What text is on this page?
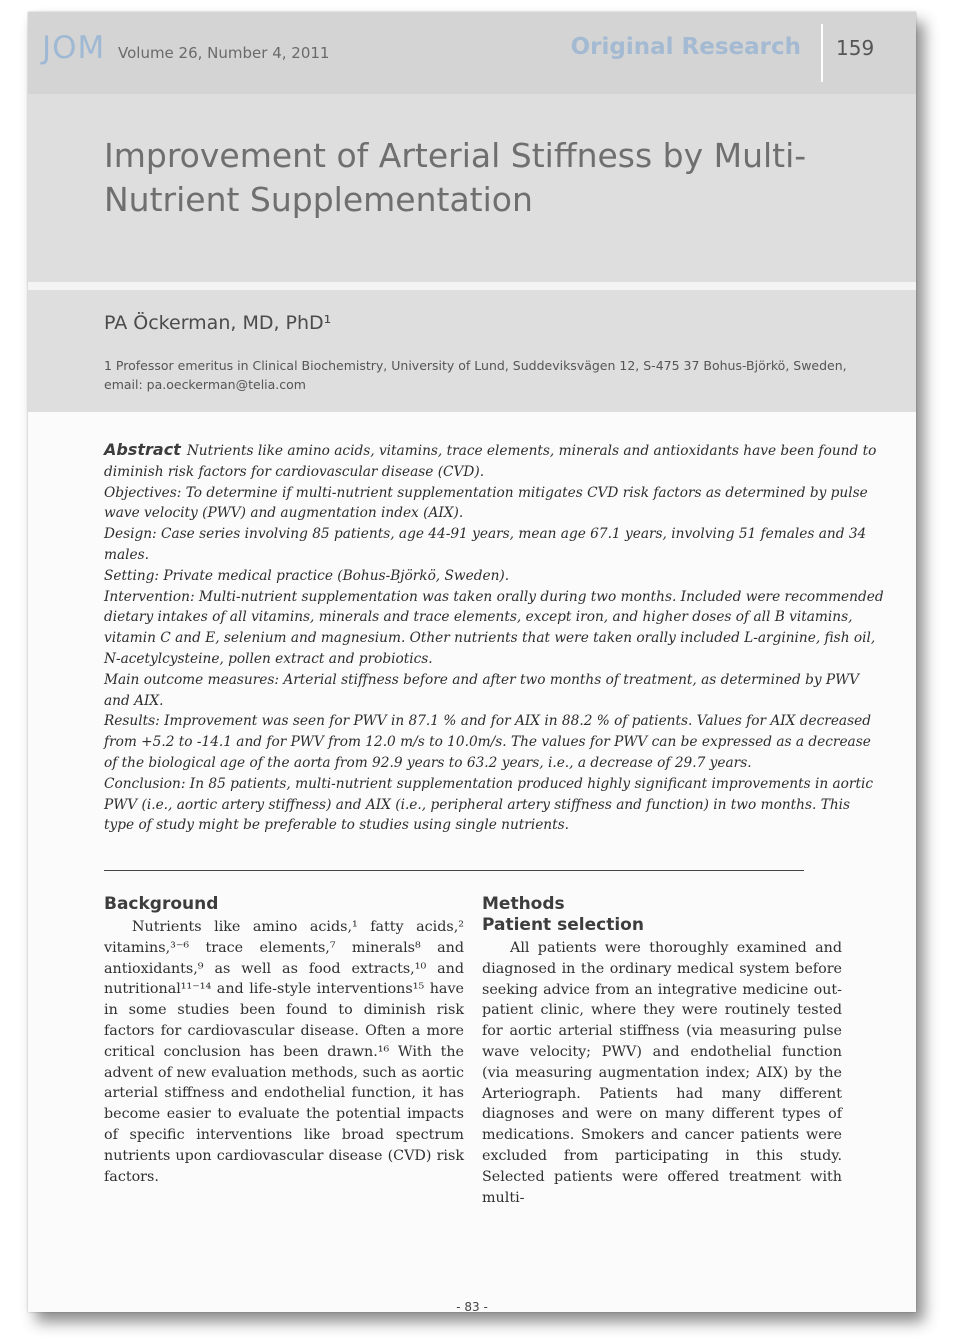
JOM Volume 26, Number 4, 2011	Original Research 159
Improvement of Arterial Stiffness by Multi-Nutrient Supplementation
PA Öckerman, MD, PhD¹
1 Professor emeritus in Clinical Biochemistry, University of Lund, Suddeviksvägen 12, S-475 37 Bohus-Björkö, Sweden, email: pa.oeckerman@telia.com

Abstract Nutrients like amino acids, vitamins, trace elements, minerals and antioxidants have been found to diminish risk factors for cardiovascular disease (CVD).

Objectives: To determine if multi-nutrient supplementation mitigates CVD risk factors as determined by pulse wave velocity (PWV) and augmentation index (AIX).

Design: Case series involving 85 patients, age 44-91 years, mean age 67.1 years, involving 51 females and 34 males.

Setting: Private medical practice (Bohus-Björkö, Sweden).

Intervention: Multi-nutrient supplementation was taken orally during two months. Included were recommended dietary intakes of all vitamins, minerals and trace elements, except iron, and higher doses of all B vitamins, vitamin C and E, selenium and magnesium. Other nutrients that were taken orally included L-arginine, fish oil, N-acetylcysteine, pollen extract and probiotics.

Main outcome measures: Arterial stiffness before and after two months of treatment, as determined by PWV and AIX.

Results: Improvement was seen for PWV in 87.1 % and for AIX in 88.2 % of patients. Values for AIX decreased from +5.2 to -14.1 and for PWV from 12.0 m/s to 10.0m/s. The values for PWV can be expressed as a decrease of the biological age of the aorta from 92.9 years to 63.2 years, i.e., a decrease of 29.7 years.

Conclusion: In 85 patients, multi-nutrient supplementation produced highly significant improvements in aortic PWV (i.e., aortic artery stiffness) and AIX (i.e., peripheral artery stiffness and function) in two months. This type of study might be preferable to studies using single nutrients.

Background

Nutrients like amino acids,¹ fatty acids,² vitamins,³⁻⁶ trace elements,⁷ minerals⁸ and antioxidants,⁹ as well as food extracts,¹⁰ and nutritional¹¹⁻¹⁴ and life-style interventions¹⁵ have in some studies been found to diminish risk factors for cardiovascular disease. Often a more critical conclusion has been drawn.¹⁶ With the advent of new evaluation methods, such as aortic arterial stiffness and endothelial function, it has become easier to evaluate the potential impacts of specific interventions like broad spectrum nutrients upon cardiovascular disease (CVD) risk factors.

Methods
Patient selection

All patients were thoroughly examined and diagnosed in the ordinary medical system before seeking advice from an integrative medicine out-patient clinic, where they were routinely tested for aortic arterial stiffness (via measuring pulse wave velocity; PWV) and endothelial function (via measuring augmentation index; AIX) by the Arteriograph. Patients had many different diagnoses and were on many different types of medications. Smokers and cancer patients were excluded from participating in this study. Selected patients were offered treatment with multi-

- 83 -
